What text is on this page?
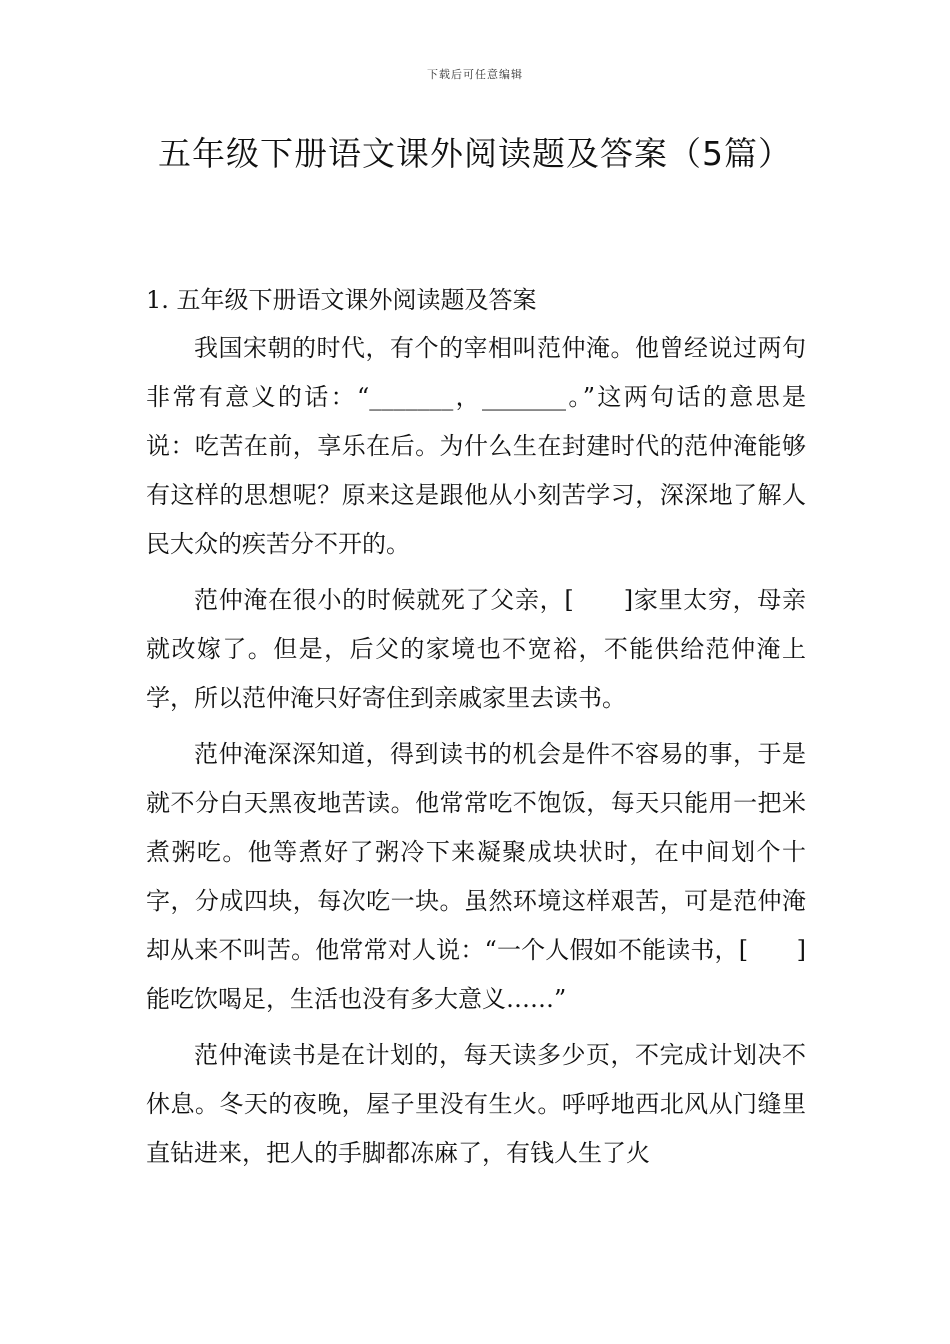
下载后可任意编辑
五年级下册语文课外阅读题及答案（5篇）
1. 五年级下册语文课外阅读题及答案

我国宋朝的时代，有个的宰相叫范仲淹。他曾经说过两句非常有意义的话：“_______，_______。”这两句话的意思是说：吃苦在前，享乐在后。为什么生在封建时代的范仲淹能够有这样的思想呢？原来这是跟他从小刻苦学习，深深地了解人民大众的疾苦分不开的。

范仲淹在很小的时候就死了父亲，[　　]家里太穷，母亲就改嫁了。但是，后父的家境也不宽裕，不能供给范仲淹上学，所以范仲淹只好寄住到亲戚家里去读书。

范仲淹深深知道，得到读书的机会是件不容易的事，于是就不分白天黑夜地苦读。他常常吃不饱饭，每天只能用一把米煮粥吃。他等煮好了粥冷下来凝聚成块状时，在中间划个十字，分成四块，每次吃一块。虽然环境这样艰苦，可是范仲淹却从来不叫苦。他常常对人说：“一个人假如不能读书，[　　]能吃饮喝足，生活也没有多大意义……”

范仲淹读书是在计划的，每天读多少页，不完成计划决不休息。冬天的夜晚，屋子里没有生火。呼呼地西北风从门缝里直钻进来，把人的手脚都冻麻了，有钱人生了火
